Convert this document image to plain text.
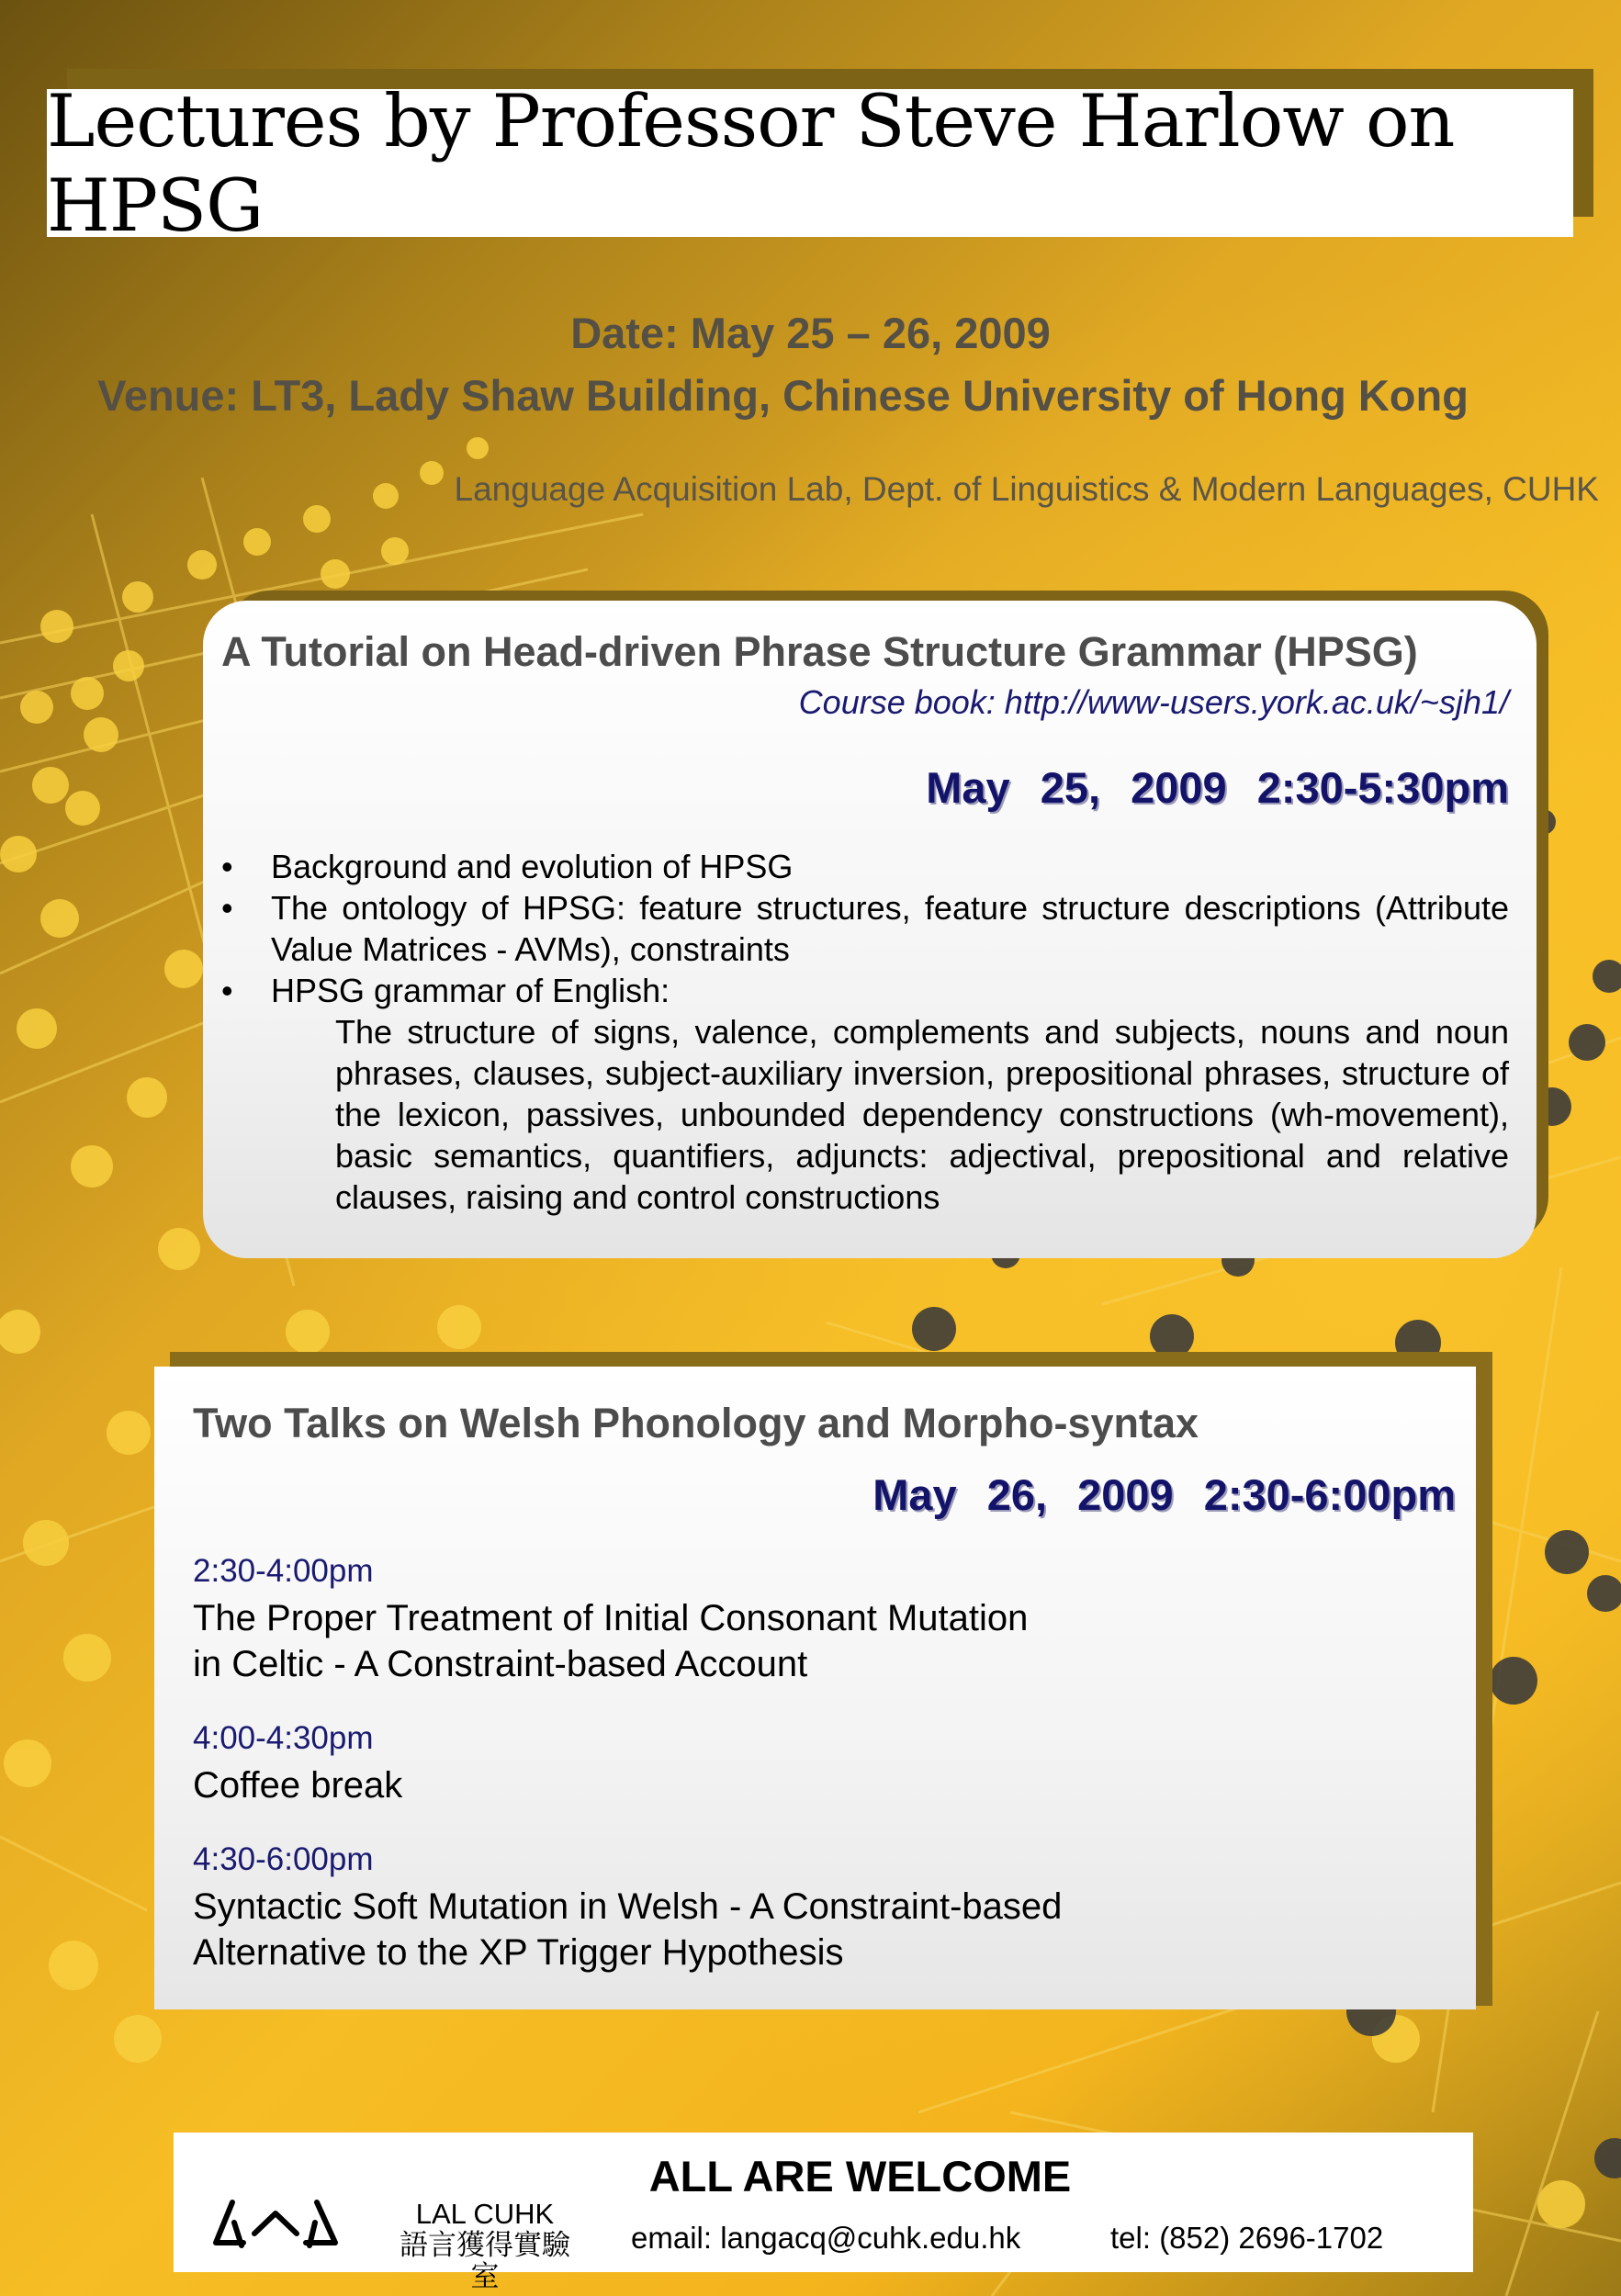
Lectures by Professor Steve Harlow on HPSG
Date: May 25 – 26, 2009
Venue: LT3, Lady Shaw Building, Chinese University of Hong Kong
Language Acquisition Lab, Dept. of Linguistics & Modern Languages, CUHK
A Tutorial on Head-driven Phrase Structure Grammar (HPSG)
Course book: http://www-users.york.ac.uk/~sjh1/
May 25, 2009 2:30-5:30pm
• Background and evolution of HPSG
• The ontology of HPSG: feature structures, feature structure descriptions (Attribute Value Matrices - AVMs), constraints
• HPSG grammar of English:
The structure of signs, valence, complements and subjects, nouns and noun phrases, clauses, subject-auxiliary inversion, prepositional phrases, structure of the lexicon, passives, unbounded dependency constructions (wh-movement), basic semantics, quantifiers, adjuncts: adjectival, prepositional and relative clauses, raising and control constructions
Two Talks on Welsh Phonology and Morpho-syntax
May 26, 2009 2:30-6:00pm
2:30-4:00pm
The Proper Treatment of Initial Consonant Mutation
in Celtic - A Constraint-based Account
4:00-4:30pm
Coffee break
4:30-6:00pm
Syntactic Soft Mutation in Welsh - A Constraint-based
Alternative to the XP Trigger Hypothesis
ALL ARE WELCOME
LAL CUHK
語言獲得實驗室
email: langacq@cuhk.edu.hk	tel: (852) 2696-1702
